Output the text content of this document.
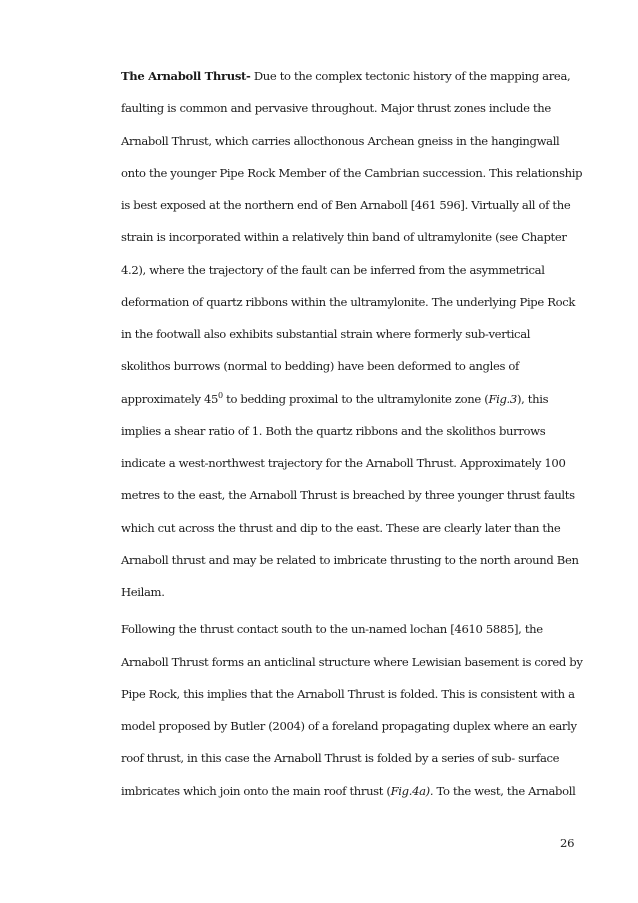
The Arnaboll Thrust- Due to the complex tectonic history of the mapping area,
faulting is common and pervasive throughout. Major thrust zones include the
Arnaboll Thrust, which carries allocthonous Archean gneiss in the hangingwall
onto the younger Pipe Rock Member of the Cambrian succession. This relationship
is best exposed at the northern end of Ben Arnaboll [461 596]. Virtually all of the
strain is incorporated within a relatively thin band of ultramylonite (see Chapter
4.2), where the trajectory of the fault can be inferred from the asymmetrical
deformation of quartz ribbons within the ultramylonite. The underlying Pipe Rock
in the footwall also exhibits substantial strain where formerly sub-vertical
skolithos burrows (normal to bedding) have been deformed to angles of
approximately $45^0$ to bedding proximal to the ultramylonite zone (Fig.3), this
implies a shear ratio of 1. Both the quartz ribbons and the skolithos burrows
indicate a west-northwest trajectory for the Arnaboll Thrust. Approximately 100
metres to the east, the Arnaboll Thrust is breached by three younger thrust faults
which cut across the thrust and dip to the east. These are clearly later than the
Arnaboll thrust and may be related to imbricate thrusting to the north around Ben
Heilam.
Following the thrust contact south to the un-named lochan [4610 5885], the
Arnaboll Thrust forms an anticlinal structure where Lewisian basement is cored by
Pipe Rock, this implies that the Arnaboll Thrust is folded. This is consistent with a
model proposed by Butler (2004) of a foreland propagating duplex where an early
roof thrust, in this case the Arnaboll Thrust is folded by a series of sub- surface
imbricates which join onto the main roof thrust (Fig.4a). To the west, the Arnaboll
26
